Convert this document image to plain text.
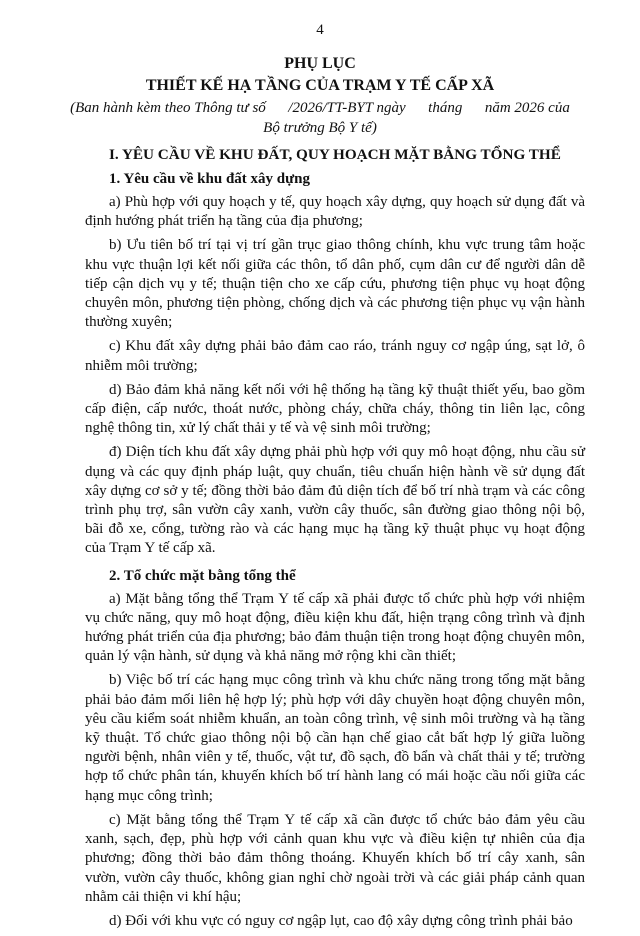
4
PHỤ LỤC
THIẾT KẾ HẠ TẦNG CỦA TRẠM Y TẾ CẤP XÃ
(Ban hành kèm theo Thông tư số      /2026/TT-BYT ngày      tháng      năm 2026 của
Bộ trưởng Bộ Y tế)
I. YÊU CẦU VỀ KHU ĐẤT, QUY HOẠCH MẶT BẰNG TỔNG THỂ
1. Yêu cầu về khu đất xây dựng

a) Phù hợp với quy hoạch y tế, quy hoạch xây dựng, quy hoạch sử dụng đất và định hướng phát triển hạ tầng của địa phương;

b) Ưu tiên bố trí tại vị trí gần trục giao thông chính, khu vực trung tâm hoặc khu vực thuận lợi kết nối giữa các thôn, tổ dân phố, cụm dân cư để người dân dễ tiếp cận dịch vụ y tế; thuận tiện cho xe cấp cứu, phương tiện phục vụ hoạt động chuyên môn, phương tiện phòng, chống dịch và các phương tiện phục vụ vận hành thường xuyên;

c) Khu đất xây dựng phải bảo đảm cao ráo, tránh nguy cơ ngập úng, sạt lở, ô nhiễm môi trường;

d) Bảo đảm khả năng kết nối với hệ thống hạ tầng kỹ thuật thiết yếu, bao gồm cấp điện, cấp nước, thoát nước, phòng cháy, chữa cháy, thông tin liên lạc, công nghệ thông tin, xử lý chất thải y tế và vệ sinh môi trường;

đ) Diện tích khu đất xây dựng phải phù hợp với quy mô hoạt động, nhu cầu sử dụng và các quy định pháp luật, quy chuẩn, tiêu chuẩn hiện hành về sử dụng đất xây dựng cơ sở y tế; đồng thời bảo đảm đủ diện tích để bố trí nhà trạm và các công trình phụ trợ, sân vườn cây xanh, vườn cây thuốc, sân đường giao thông nội bộ, bãi đỗ xe, cổng, tường rào và các hạng mục hạ tầng kỹ thuật phục vụ hoạt động của Trạm Y tế cấp xã.

2. Tổ chức mặt bằng tổng thể

a) Mặt bằng tổng thể Trạm Y tế cấp xã phải được tổ chức phù hợp với nhiệm vụ chức năng, quy mô hoạt động, điều kiện khu đất, hiện trạng công trình và định hướng phát triển của địa phương; bảo đảm thuận tiện trong hoạt động chuyên môn, quản lý vận hành, sử dụng và khả năng mở rộng khi cần thiết;

b) Việc bố trí các hạng mục công trình và khu chức năng trong tổng mặt bằng phải bảo đảm mối liên hệ hợp lý; phù hợp với dây chuyền hoạt động chuyên môn, yêu cầu kiểm soát nhiễm khuẩn, an toàn công trình, vệ sinh môi trường và hạ tầng kỹ thuật. Tổ chức giao thông nội bộ cần hạn chế giao cắt bất hợp lý giữa luồng người bệnh, nhân viên y tế, thuốc, vật tư, đồ sạch, đồ bẩn và chất thải y tế; trường hợp tổ chức phân tán, khuyến khích bố trí hành lang có mái hoặc cầu nối giữa các hạng mục công trình;

c) Mặt bằng tổng thể Trạm Y tế cấp xã cần được tổ chức bảo đảm yêu cầu xanh, sạch, đẹp, phù hợp với cảnh quan khu vực và điều kiện tự nhiên của địa phương; đồng thời bảo đảm thông thoáng. Khuyến khích bố trí cây xanh, sân vườn, vườn cây thuốc, không gian nghỉ chờ ngoài trời và các giải pháp cảnh quan nhằm cải thiện vi khí hậu;

d) Đối với khu vực có nguy cơ ngập lụt, cao độ xây dựng công trình phải bảo
